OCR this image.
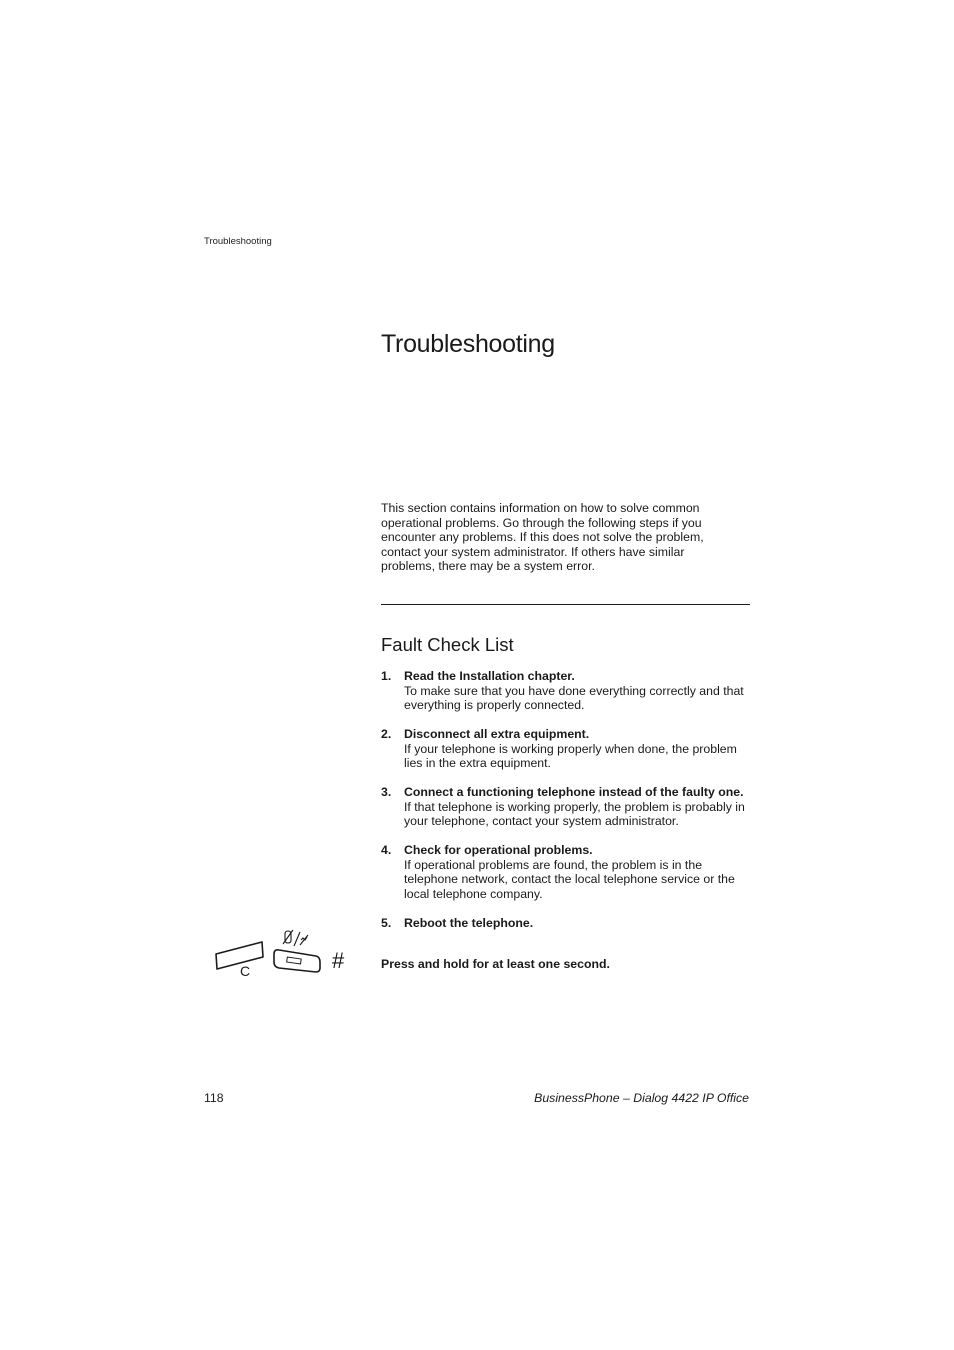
Troubleshooting
Troubleshooting

This section contains information on how to solve common operational problems. Go through the following steps if you encounter any problems. If this does not solve the problem, contact your system administrator. If others have similar problems, there may be a system error.

Fault Check List
1. Read the Installation chapter.
To make sure that you have done everything correctly and that everything is properly connected.
2. Disconnect all extra equipment.
If your telephone is working properly when done, the problem lies in the extra equipment.
3. Connect a functioning telephone instead of the faulty one.
If that telephone is working properly, the problem is probably in your telephone, contact your system administrator.
4. Check for operational problems.
If operational problems are found, the problem is in the telephone network, contact the local telephone service or the local telephone company.
5. Reboot the telephone.
C	#	Press and hold for at least one second.

118	BusinessPhone – Dialog 4422 IP Office
